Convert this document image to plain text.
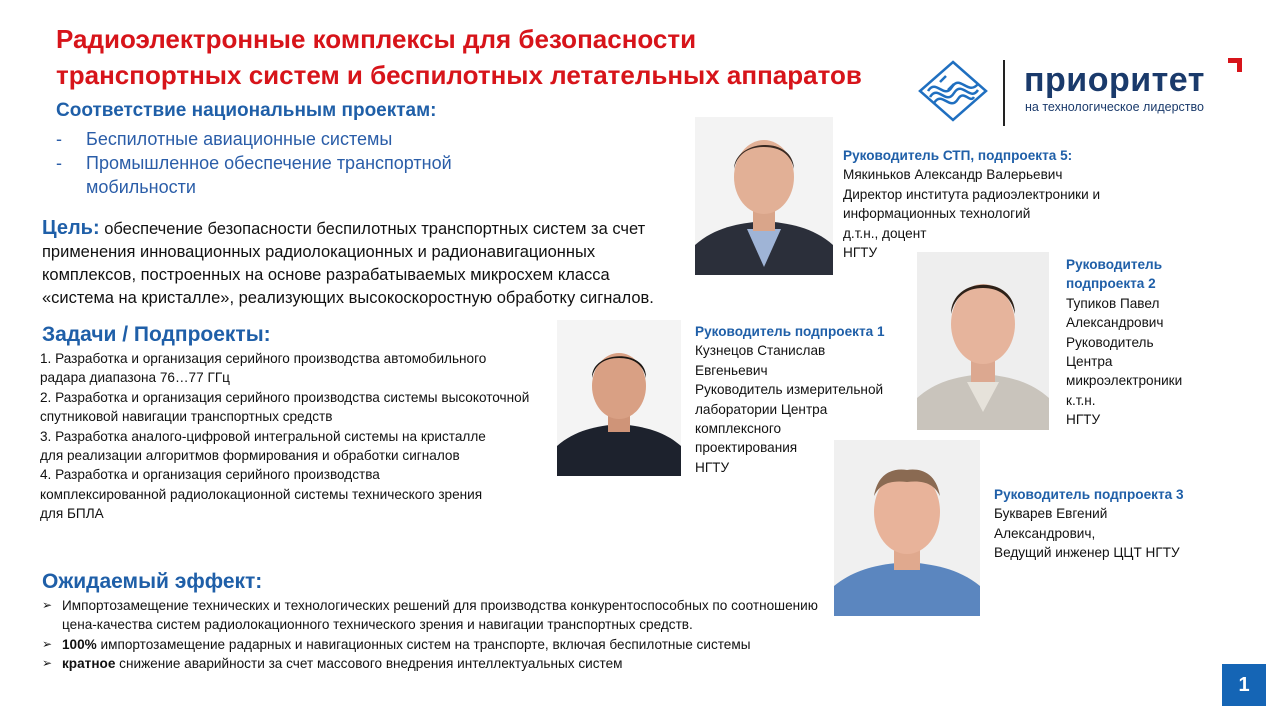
Радиоэлектронные комплексы для безопасности
транспортных систем и беспилотных летательных аппаратов	приоритет
на технологическое лидерство
Соответствие национальным проектам:

- Беспилотные авиационные системы

- Промышленное обеспечение транспортной мобильности

Цель: обеспечение безопасности беспилотных транспортных систем за счет применения инновационных радиолокационных и радионавигационных комплексов, построенных на основе разрабатываемых микросхем класса «система на кристалле», реализующих высокоскоростную обработку сигналов.
Задачи / Подпроекты:

1. Разработка и организация серийного производства автомобильного радара диапазона 76…77 ГГц

2. Разработка и организация серийного производства системы высокоточной спутниковой навигации транспортных средств

3. Разработка аналого-цифровой интегральной системы на кристалле для реализации алгоритмов формирования и обработки сигналов

4. Разработка и организация серийного производства комплексированной радиолокационной системы технического зрения для БПЛА

Ожидаемый эффект:

➢ Импортозамещение технических и технологических решений для производства конкурентоспособных по соотношению цена-качества систем радиолокационного технического зрения и навигации транспортных средств.

➢ 100% импортозамещение радарных и навигационных систем на транспорте, включая беспилотные системы

➢ кратное снижение аварийности за счет массового внедрения интеллектуальных систем

Руководитель СТП, подпроекта 5:

Мякиньков Александр Валерьевич

Директор института радиоэлектроники и

информационных технологий

д.т.н., доцент

НГТУ

Руководитель подпроекта 1

Кузнецов Станислав

Евгеньевич

Руководитель измерительной

лаборатории Центра

комплексного

проектирования

НГТУ

Руководитель

подпроекта 2

Тупиков Павел

Александрович

Руководитель

Центра

микроэлектроники

к.т.н.

НГТУ

Руководитель подпроекта 3

Букварев Евгений

Александрович,

Ведущий инженер ЦЦТ НГТУ

1
